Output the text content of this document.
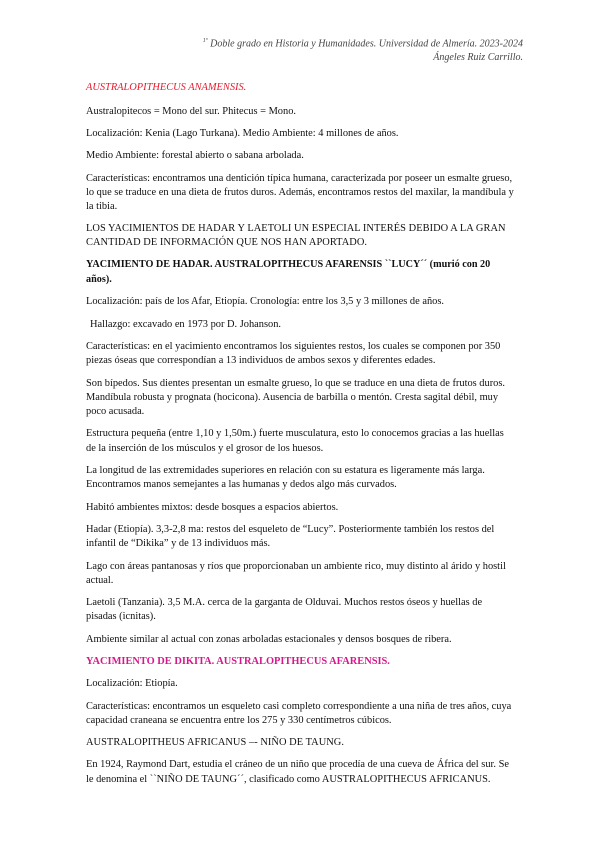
$^{1º}$ Doble grado en Historia y Humanidades. Universidad de Almería. 2023-2024
Ángeles Ruiz Carrillo.

AUSTRALOPITHECUS ANAMENSIS.

Australopitecos = Mono del sur. Phitecus = Mono.

Localización: Kenia (Lago Turkana). Medio Ambiente: 4 millones de años.

Medio Ambiente: forestal abierto o sabana arbolada.

Características: encontramos una dentición típica humana, caracterizada por poseer un esmalte grueso, lo que se traduce en una dieta de frutos duros. Además, encontramos restos del maxilar, la mandíbula y la tibia.

LOS YACIMIENTOS DE HADAR Y LAETOLI UN ESPECIAL INTERÉS DEBIDO A LA GRAN CANTIDAD DE INFORMACIÓN QUE NOS HAN APORTADO.

YACIMIENTO DE HADAR. AUSTRALOPITHECUS AFARENSIS ``LUCY´´ (murió con 20 años).

Localización: país de los Afar, Etiopía. Cronología: entre los 3,5 y 3 millones de años.

Hallazgo: excavado en 1973 por D. Johanson.

Características: en el yacimiento encontramos los siguientes restos, los cuales se componen por 350 piezas óseas que correspondían a 13 individuos de ambos sexos y diferentes edades.

Son bípedos. Sus dientes presentan un esmalte grueso, lo que se traduce en una dieta de frutos duros. Mandíbula robusta y prognata (hocicona). Ausencia de barbilla o mentón. Cresta sagital débil, muy poco acusada.

Estructura pequeña (entre 1,10 y 1,50m.) fuerte musculatura, esto lo conocemos gracias a las huellas de la inserción de los músculos y el grosor de los huesos.

La longitud de las extremidades superiores en relación con su estatura es ligeramente más larga. Encontramos manos semejantes a las humanas y dedos algo más curvados.

Habitó ambientes mixtos: desde bosques a espacios abiertos.

Hadar (Etiopía). 3,3-2,8 ma: restos del esqueleto de “Lucy”. Posteriormente también los restos del infantil de “Dikika” y de 13 individuos más.

Lago con áreas pantanosas y ríos que proporcionaban un ambiente rico, muy distinto al árido y hostil actual.

Laetoli (Tanzania). 3,5 M.A. cerca de la garganta de Olduvai. Muchos restos óseos y huellas de pisadas (icnitas).

Ambiente similar al actual con zonas arboladas estacionales y densos bosques de ribera.

YACIMIENTO DE DIKITA. AUSTRALOPITHECUS AFARENSIS.

Localización: Etiopía.

Características: encontramos un esqueleto casi completo correspondiente a una niña de tres años, cuya capacidad craneana se encuentra entre los 275 y 330 centímetros cúbicos.

AUSTRALOPITHEUS AFRICANUS –- NIÑO DE TAUNG.

En 1924, Raymond Dart, estudia el cráneo de un niño que procedía de una cueva de África del sur. Se le denomina el ``NIÑO DE TAUNG´´, clasificado como AUSTRALOPITHECUS AFRICANUS.
